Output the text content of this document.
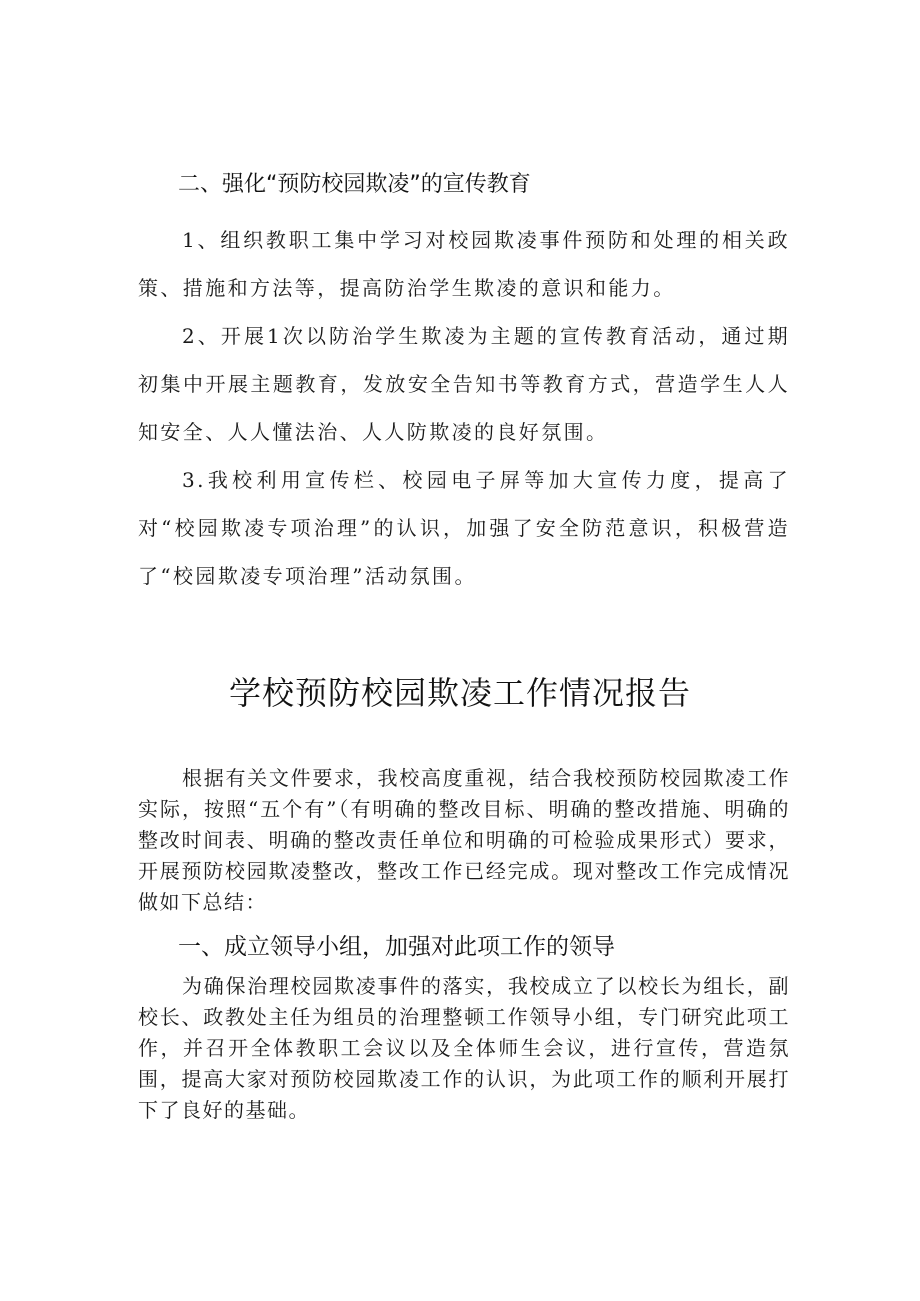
二、强化“预防校园欺凌”的宣传教育

1、组织教职工集中学习对校园欺凌事件预防和处理的相关政策、措施和方法等，提高防治学生欺凌的意识和能力。

2、开展1次以防治学生欺凌为主题的宣传教育活动，通过期初集中开展主题教育，发放安全告知书等教育方式，营造学生人人知安全、人人懂法治、人人防欺凌的良好氛围。

3.我校利用宣传栏、校园电子屏等加大宣传力度，提高了对“校园欺凌专项治理”的认识，加强了安全防范意识，积极营造了“校园欺凌专项治理”活动氛围。

学校预防校园欺凌工作情况报告

根据有关文件要求，我校高度重视，结合我校预防校园欺凌工作实际，按照“五个有”（有明确的整改目标、明确的整改措施、明确的整改时间表、明确的整改责任单位和明确的可检验成果形式）要求，开展预防校园欺凌整改，整改工作已经完成。现对整改工作完成情况做如下总结：

一、成立领导小组，加强对此项工作的领导

为确保治理校园欺凌事件的落实，我校成立了以校长为组长，副校长、政教处主任为组员的治理整顿工作领导小组，专门研究此项工作，并召开全体教职工会议以及全体师生会议，进行宣传，营造氛围，提高大家对预防校园欺凌工作的认识，为此项工作的顺利开展打下了良好的基础。
